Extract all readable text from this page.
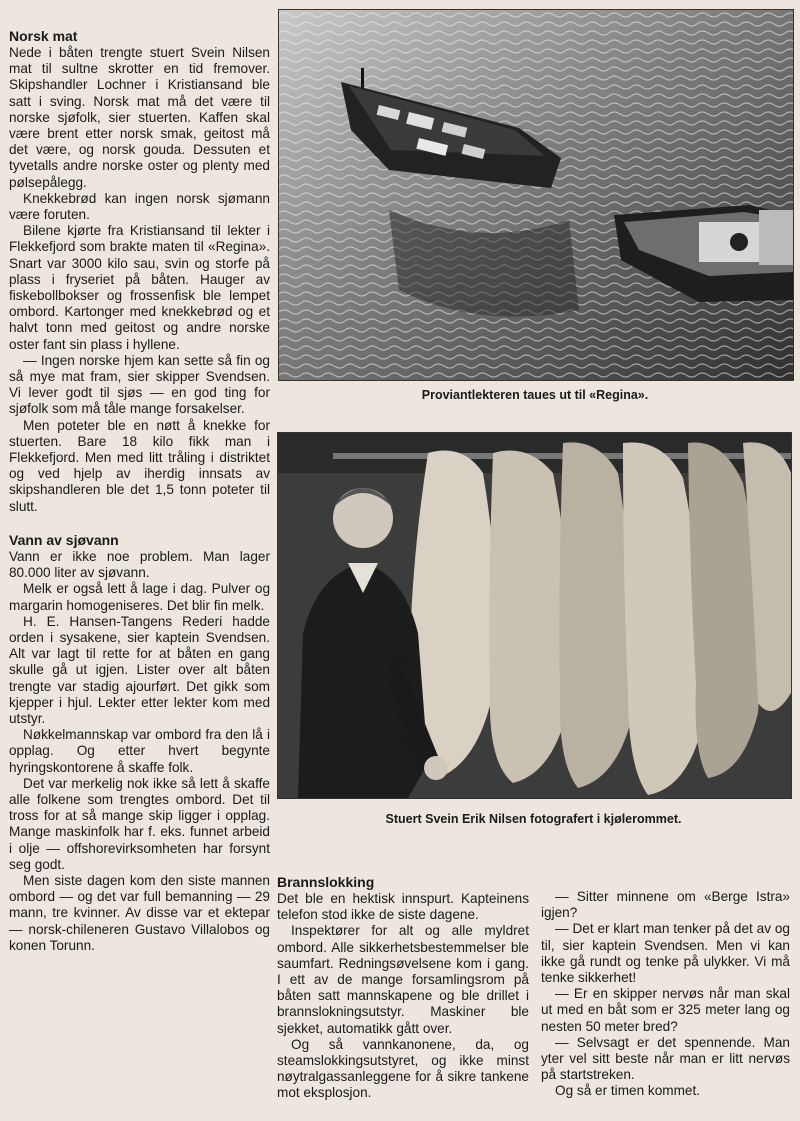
Norsk mat

Nede i båten trengte stuert Svein Nilsen mat til sultne skrotter en tid fremover. Skipshandler Lochner i Kristiansand ble satt i sving. Norsk mat må det være til norske sjøfolk, sier stuerten. Kaffen skal være brent etter norsk smak, geitost må det være, og norsk gouda. Dessuten et tyvetalls andre norske oster og plenty med pølsepålegg.

Knekkebrød kan ingen norsk sjømann være foruten.

Bilene kjørte fra Kristiansand til lekter i Flekkefjord som brakte maten til «Regina». Snart var 3000 kilo sau, svin og storfe på plass i fryseriet på båten. Hauger av fiskebollbokser og frossenfisk ble lempet ombord. Kartonger med knekkebrød og et halvt tonn med geitost og andre norske oster fant sin plass i hyllene.

— Ingen norske hjem kan sette så fin og så mye mat fram, sier skipper Svendsen. Vi lever godt til sjøs — en god ting for sjøfolk som må tåle mange forsakelser.

Men poteter ble en nøtt å knekke for stuerten. Bare 18 kilo fikk man i Flekkefjord. Men med litt tråling i distriktet og ved hjelp av iherdig innsats av skipshandleren ble det 1,5 tonn poteter til slutt.

Vann av sjøvann

Vann er ikke noe problem. Man lager 80.000 liter av sjøvann.

Melk er også lett å lage i dag. Pulver og margarin homogeniseres. Det blir fin melk.

H. E. Hansen-Tangens Rederi hadde orden i sysakene, sier kaptein Svendsen. Alt var lagt til rette for at båten en gang skulle gå ut igjen. Lister over alt båten trengte var stadig ajourført. Det gikk som kjepper i hjul. Lekter etter lekter kom med utstyr.

Nøkkelmannskap var ombord fra den lå i opplag. Og etter hvert begynte hyringskontorene å skaffe folk.

Det var merkelig nok ikke så lett å skaffe alle folkene som trengtes ombord. Det til tross for at så mange skip ligger i opplag. Mange maskinfolk har f. eks. funnet arbeid i olje — offshorevirksomheten har forsynt seg godt.

Men siste dagen kom den siste mannen ombord — og det var full bemanning — 29 mann, tre kvinner. Av disse var et ektepar — norsk-chileneren Gustavo Villalobos og konen Torunn.

Proviantlekteren taues ut til «Regina».
Stuert Svein Erik Nilsen fotografert i kjølerommet.
Brannslokking

Det ble en hektisk innspurt. Kapteinens telefon stod ikke de siste dagene.

Inspektører for alt og alle myldret ombord. Alle sikkerhetsbestemmelser ble saumfart. Redningsøvelsene kom i gang. I ett av de mange forsamlingsrom på båten satt mannskapene og ble drillet i brannslokningsutstyr. Maskiner ble sjekket, automatikk gått over.

Og så vannkanonene, da, og steamslokkingsutstyret, og ikke minst nøytralgassanleggene for å sikre tankene mot eksplosjon.

— Sitter minnene om «Berge Istra» igjen?

— Det er klart man tenker på det av og til, sier kaptein Svendsen. Men vi kan ikke gå rundt og tenke på ulykker. Vi må tenke sikkerhet!

— Er en skipper nervøs når man skal ut med en båt som er 325 meter lang og nesten 50 meter bred?

— Selvsagt er det spennende. Man yter vel sitt beste når man er litt nervøs på startstreken.

Og så er timen kommet.
